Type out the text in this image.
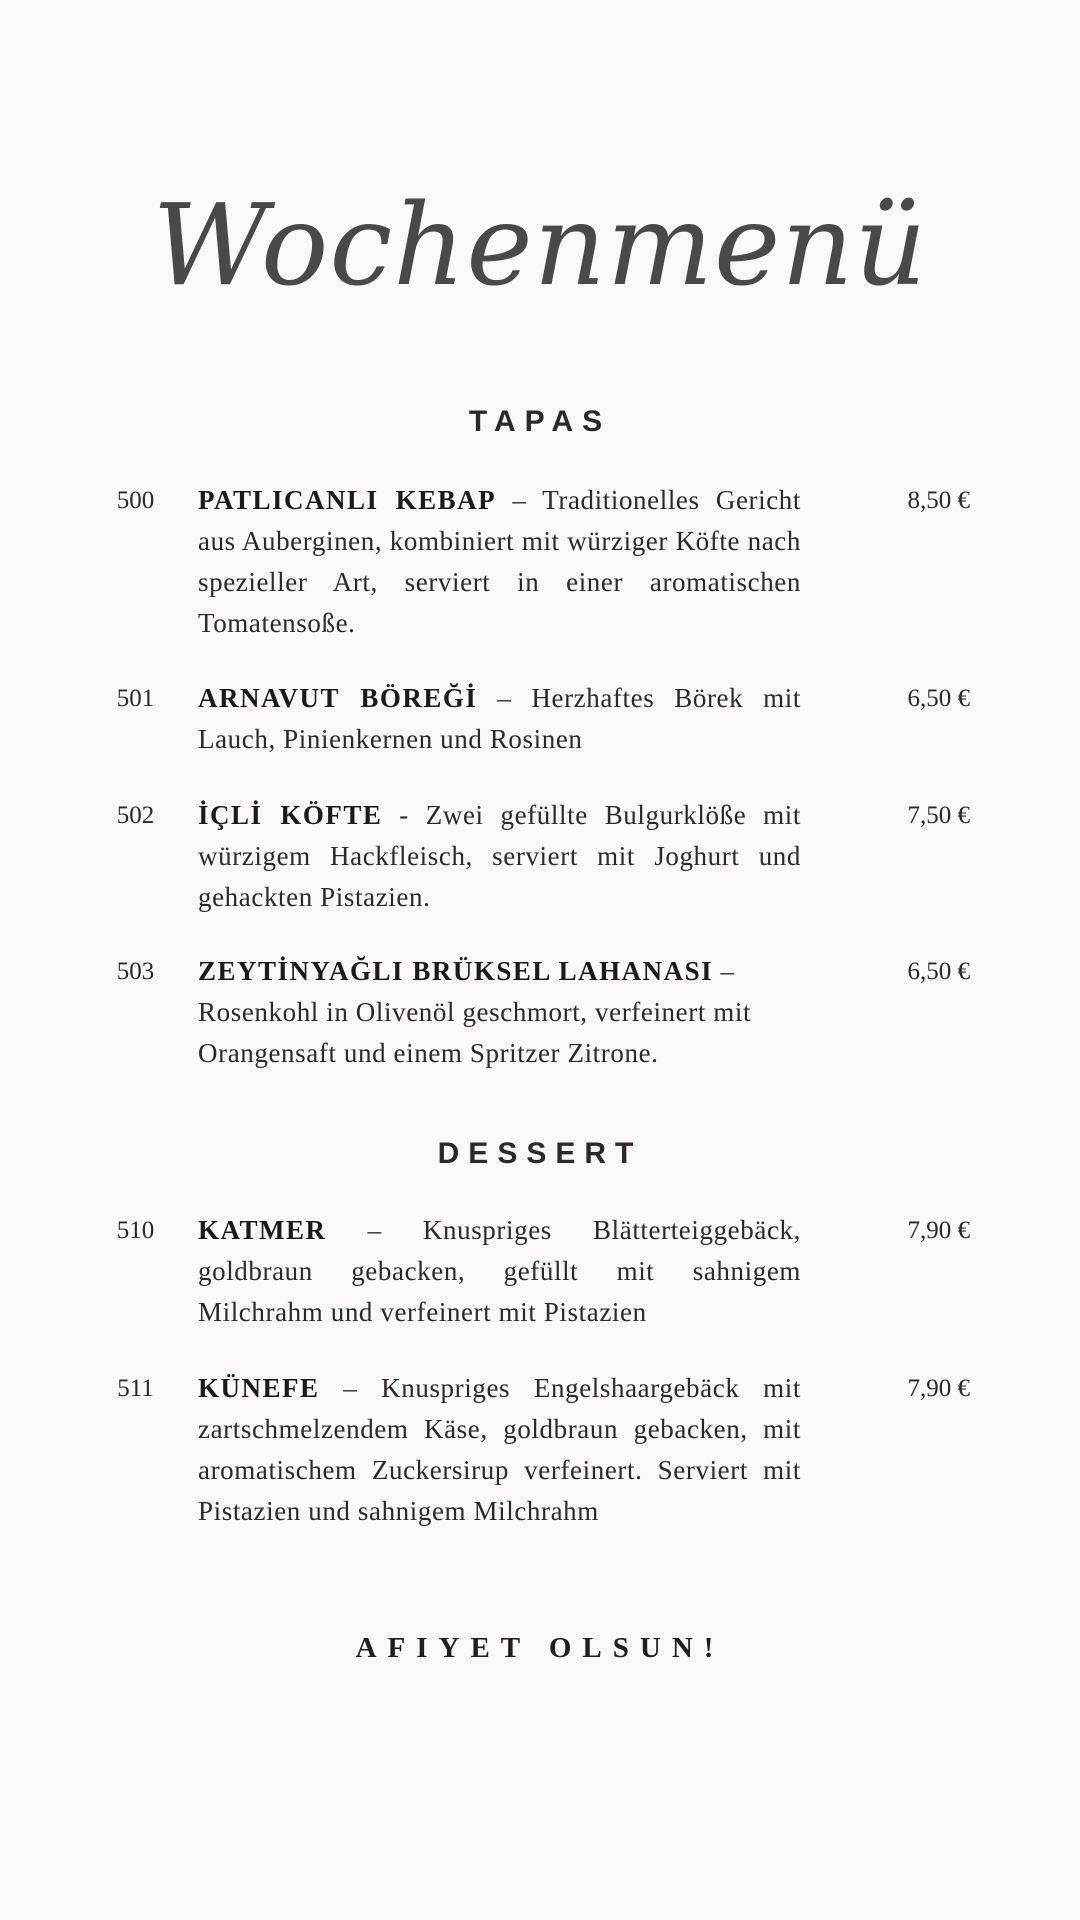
Wochenmenü
TAPAS
500	PATLICANLI KEBAP – Traditionelles Gericht aus Auberginen, kombiniert mit würziger Köfte nach spezieller Art, serviert in einer aromatischen Tomatensoße.
8,50 €
501	ARNAVUT BÖREĞİ – Herzhaftes Börek mit Lauch, Pinienkernen und Rosinen
6,50 €
502	İÇLİ KÖFTE - Zwei gefüllte Bulgurklöße mit würzigem Hackfleisch, serviert mit Joghurt und gehackten Pistazien.
7,50 €
503	ZEYTİNYAĞLI BRÜKSEL LAHANASI – Rosenkohl in Olivenöl geschmort, verfeinert mit Orangensaft und einem Spritzer Zitrone.
6,50 €
DESSERT
510	KATMER – Knuspriges Blätterteiggebäck, goldbraun gebacken, gefüllt mit sahnigem Milchrahm und verfeinert mit Pistazien
7,90 €
511	KÜNEFE – Knuspriges Engelshaargebäck mit zartschmelzendem Käse, goldbraun gebacken, mit aromatischem Zuckersirup verfeinert. Serviert mit Pistazien und sahnigem Milchrahm
7,90 €
AFIYET OLSUN!
